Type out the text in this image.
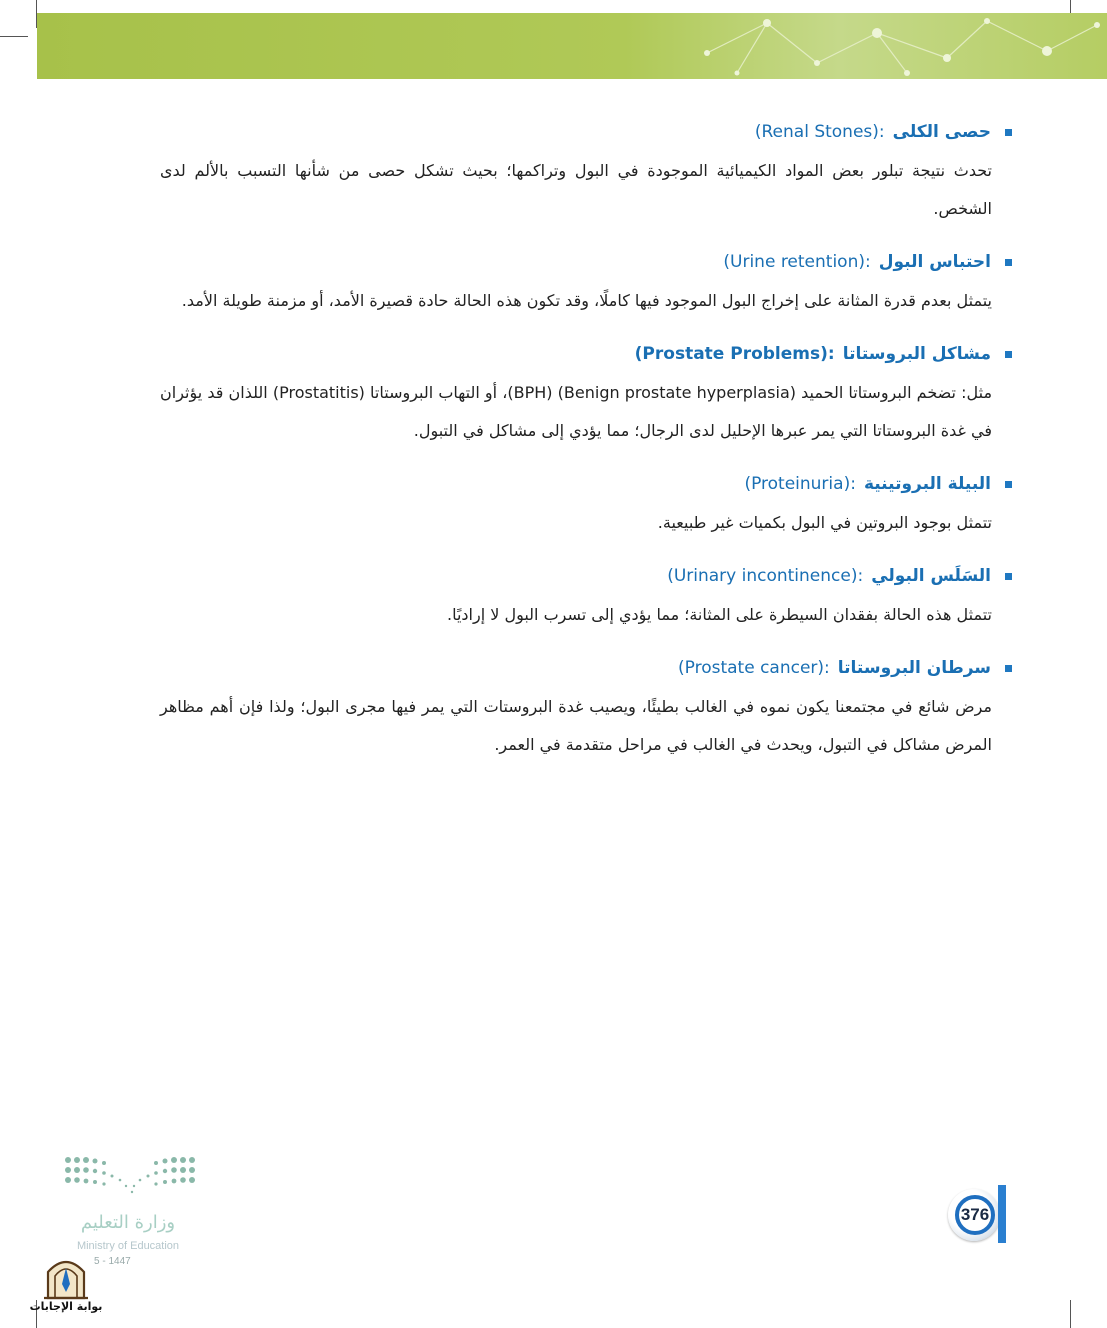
حصى الكلى
(Renal Stones):
تحدث نتيجة تبلور بعض المواد الكيميائية الموجودة في البول وتراكمها؛ بحيث تشكل حصى من شأنها التسبب بالألم لدى الشخص.
احتباس البول
(Urine retention):
يتمثل بعدم قدرة المثانة على إخراج البول الموجود فيها كاملًا، وقد تكون هذه الحالة حادة قصيرة الأمد، أو مزمنة طويلة الأمد.
مشاكل البروستاتا
(Prostate Problems):
مثل: تضخم البروستاتا الحميد (Benign prostate hyperplasia) (BPH)، أو التهاب البروستاتا (Prostatitis) اللذان قد يؤثران في غدة البروستاتا التي يمر عبرها الإحليل لدى الرجال؛ مما يؤدي إلى مشاكل في التبول.
البيلة البروتينية
(Proteinuria):
تتمثل بوجود البروتين في البول بكميات غير طبيعية.
السَلَس البولي
(Urinary incontinence):
تتمثل هذه الحالة بفقدان السيطرة على المثانة؛ مما يؤدي إلى تسرب البول لا إراديًا.
سرطان البروستاتا
(Prostate cancer):
مرض شائع في مجتمعنا يكون نموه في الغالب بطيئًا، ويصيب غدة البروستات التي يمر فيها مجرى البول؛ ولذا فإن أهم مظاهر المرض مشاكل في التبول، ويحدث في الغالب في مراحل متقدمة في العمر.
376
وزارة التعليم
Ministry of Education
5 - 1447
بوابة الإجابات
